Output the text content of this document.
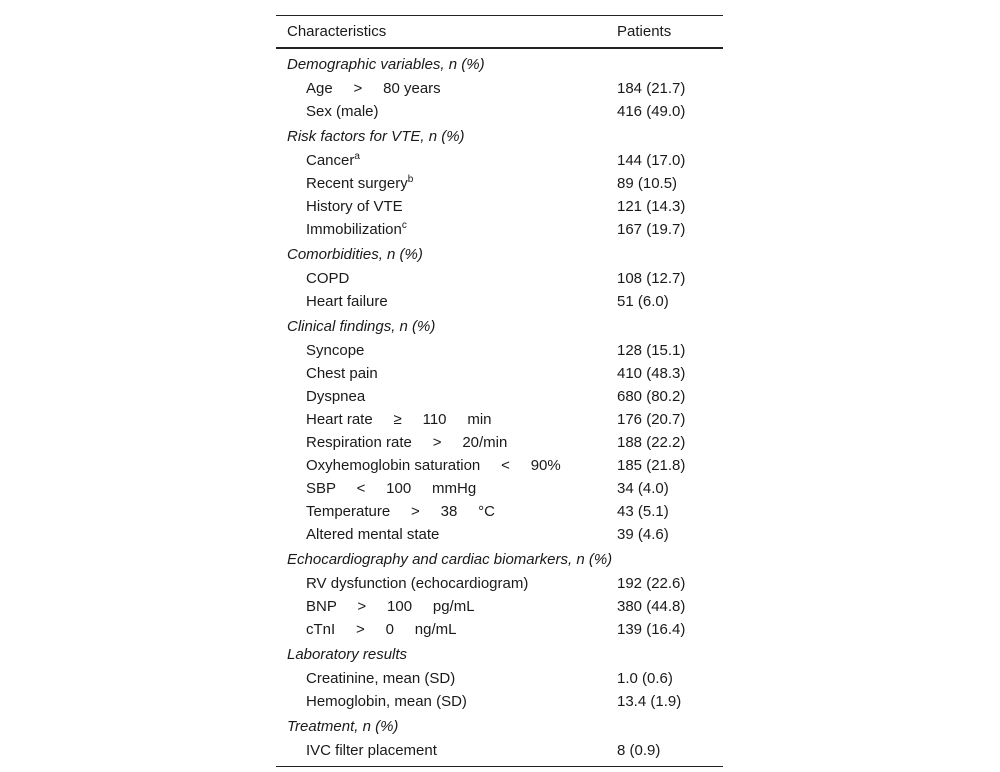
Characteristics	Patients
Demographic variables, n (%)
Age     >     80 years	184 (21.7)
Sex (male)	416 (49.0)
Risk factors for VTE, n (%)
Cancer$^a$	144 (17.0)
Recent surgery$^b$	89 (10.5)
History of VTE	121 (14.3)
Immobilization$^c$	167 (19.7)
Comorbidities, n (%)
COPD	108 (12.7)
Heart failure	51 (6.0)
Clinical findings, n (%)
Syncope	128 (15.1)
Chest pain	410 (48.3)
Dyspnea	680 (80.2)
Heart rate     ≥     110     min	176 (20.7)
Respiration rate     >     20/min	188 (22.2)
Oxyhemoglobin saturation     <     90%	185 (21.8)
SBP     <     100     mmHg	34 (4.0)
Temperature     >     38     °C	43 (5.1)
Altered mental state	39 (4.6)
Echocardiography and cardiac biomarkers, n (%)
RV dysfunction (echocardiogram)	192 (22.6)
BNP     >     100     pg/mL	380 (44.8)
cTnI     >     0     ng/mL	139 (16.4)
Laboratory results
Creatinine, mean (SD)	1.0 (0.6)
Hemoglobin, mean (SD)	13.4 (1.9)
Treatment, n (%)
IVC filter placement	8 (0.9)
